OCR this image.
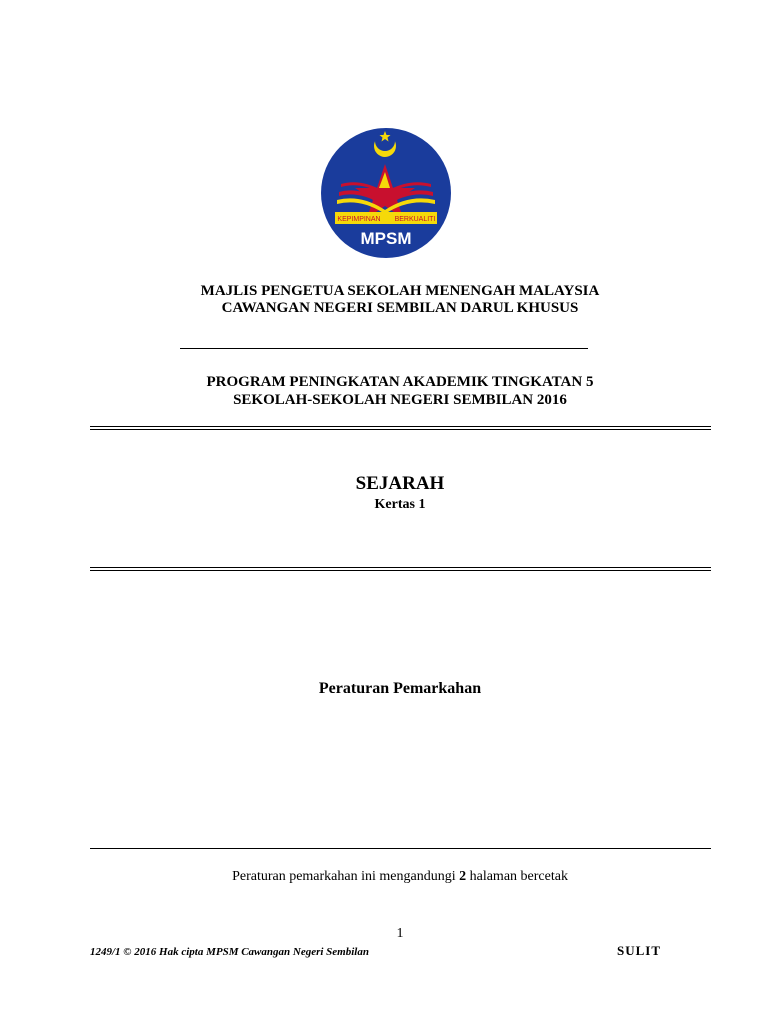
KEPIMPINAN BERKUALITI
MPSM
MAJLIS PENGETUA SEKOLAH MENENGAH MALAYSIA
CAWANGAN NEGERI SEMBILAN DARUL KHUSUS
PROGRAM PENINGKATAN AKADEMIK TINGKATAN 5
SEKOLAH-SEKOLAH NEGERI SEMBILAN 2016
SEJARAH
Kertas 1
Peraturan Pemarkahan
Peraturan pemarkahan ini mengandungi 2 halaman bercetak
1
1249/1 © 2016 Hak cipta MPSM Cawangan Negeri Sembilan	SULIT
